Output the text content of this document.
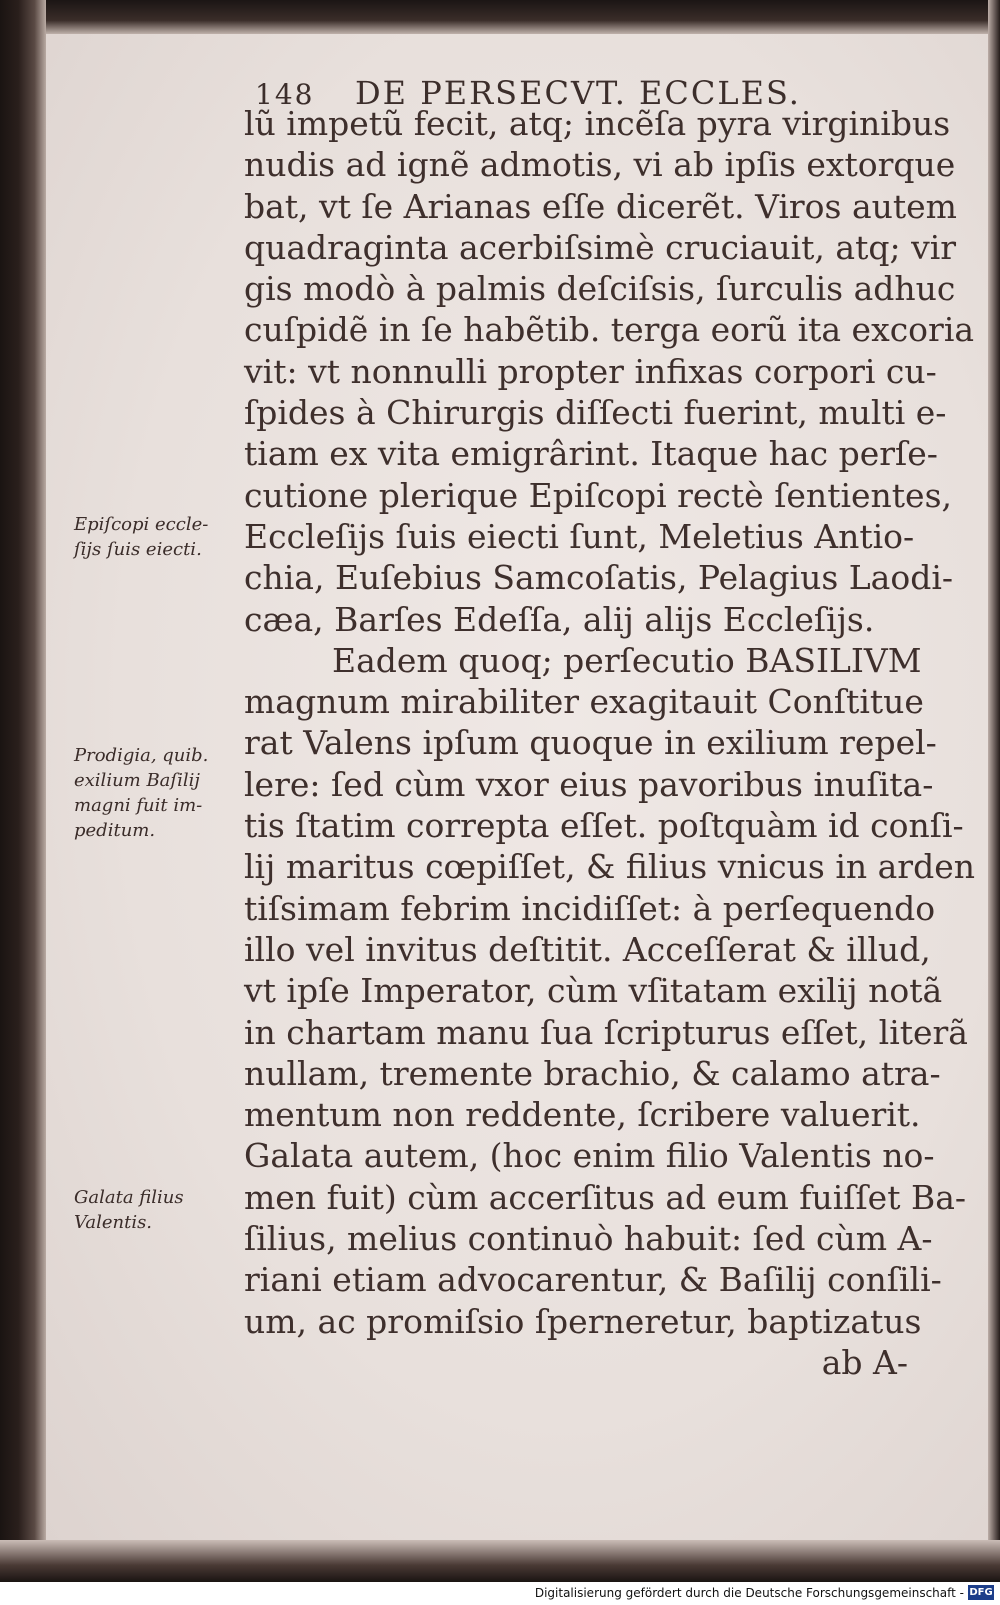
148 DE PERSECVT. ECCLES.
lũ impetũ fecit, atq; incẽſa pyra virginibus
nudis ad ignẽ admotis, vi ab ipſis extorque
bat, vt ſe Arianas eſſe dicerẽt. Viros autem
quadraginta acerbiſsimè cruciauit, atq; vir
gis modò à palmis deſciſsis, ſurculis adhuc
cuſpidẽ in ſe habẽtib. terga eorũ ita excoria
vit: vt nonnulli propter infixas corpori cu-
ſpides à Chirurgis diſſecti fuerint, multi e-
tiam ex vita emigrârint. Itaque hac perſe-
cutione plerique Epiſcopi rectè ſentientes,
Eccleſijs ſuis eiecti ſunt, Meletius Antio-
chia, Euſebius Samcoſatis, Pelagius Laodi-
cæa, Barſes Edeſſa, alij alijs Eccleſijs.
Eadem quoq; perſecutio BASILIVM
magnum mirabiliter exagitauit Conſtitue
rat Valens ipſum quoque in exilium repel-
lere: ſed cùm vxor eius pavoribus inuſita-
tis ſtatim correpta eſſet. poſtquàm id conſi-
lij maritus cœpiſſet, & filius vnicus in arden
tiſsimam febrim incidiſſet: à perſequendo
illo vel invitus deſtitit. Acceſſerat & illud,
vt ipſe Imperator, cùm vſitatam exilij notã
in chartam manu ſua ſcripturus eſſet, literã
nullam, tremente brachio, & calamo atra-
mentum non reddente, ſcribere valuerit.
Galata autem, (hoc enim filio Valentis no-
men fuit) cùm accerſitus ad eum fuiſſet Ba-
ſilius, melius continuò habuit: ſed cùm A-
riani etiam advocarentur, & Baſilij conſili-
um, ac promiſsio ſperneretur, baptizatus
ab A-
Epiſcopi eccle-
ſijs ſuis eiecti.
Prodigia, quib.
exilium Baſilij
magni fuit im-
peditum.
Galata filius
Valentis.
Digitalisierung gefördert durch die Deutsche Forschungsgemeinschaft - DFG
